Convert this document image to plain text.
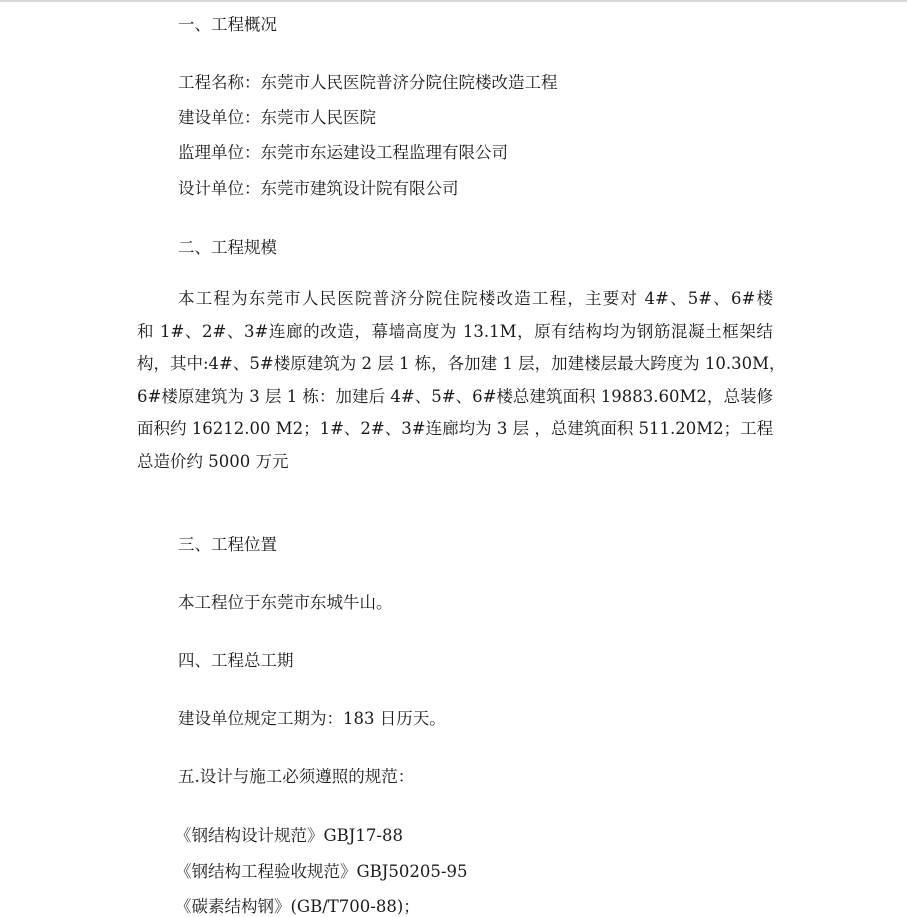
一、工程概况
工程名称：东莞市人民医院普济分院住院楼改造工程
建设单位：东莞市人民医院
监理单位：东莞市东运建设工程监理有限公司
设计单位：东莞市建筑设计院有限公司
二、工程规模
本工程为东莞市人民医院普济分院住院楼改造工程，主要对 4#、5#、6#楼
和 1#、2#、3#连廊的改造，幕墙高度为 13.1M，原有结构均为钢筋混凝土框架结
构，其中:4#、5#楼原建筑为 2 层 1 栋，各加建 1 层，加建楼层最大跨度为 10.30M，
6#楼原建筑为 3 层 1 栋：加建后 4#、5#、6#楼总建筑面积 19883.60M2，总装修
面积约 16212.00 M2；1#、2#、3#连廊均为 3 层 ，总建筑面积 511.20M2；工程
总造价约 5000 万元
三、工程位置
本工程位于东莞市东城牛山。
四、工程总工期
建设单位规定工期为：183 日历天。
五.设计与施工必须遵照的规范：
《钢结构设计规范》GBJ17-88
《钢结构工程验收规范》GBJ50205-95
《碳素结构钢》(GB/T700-88)；
